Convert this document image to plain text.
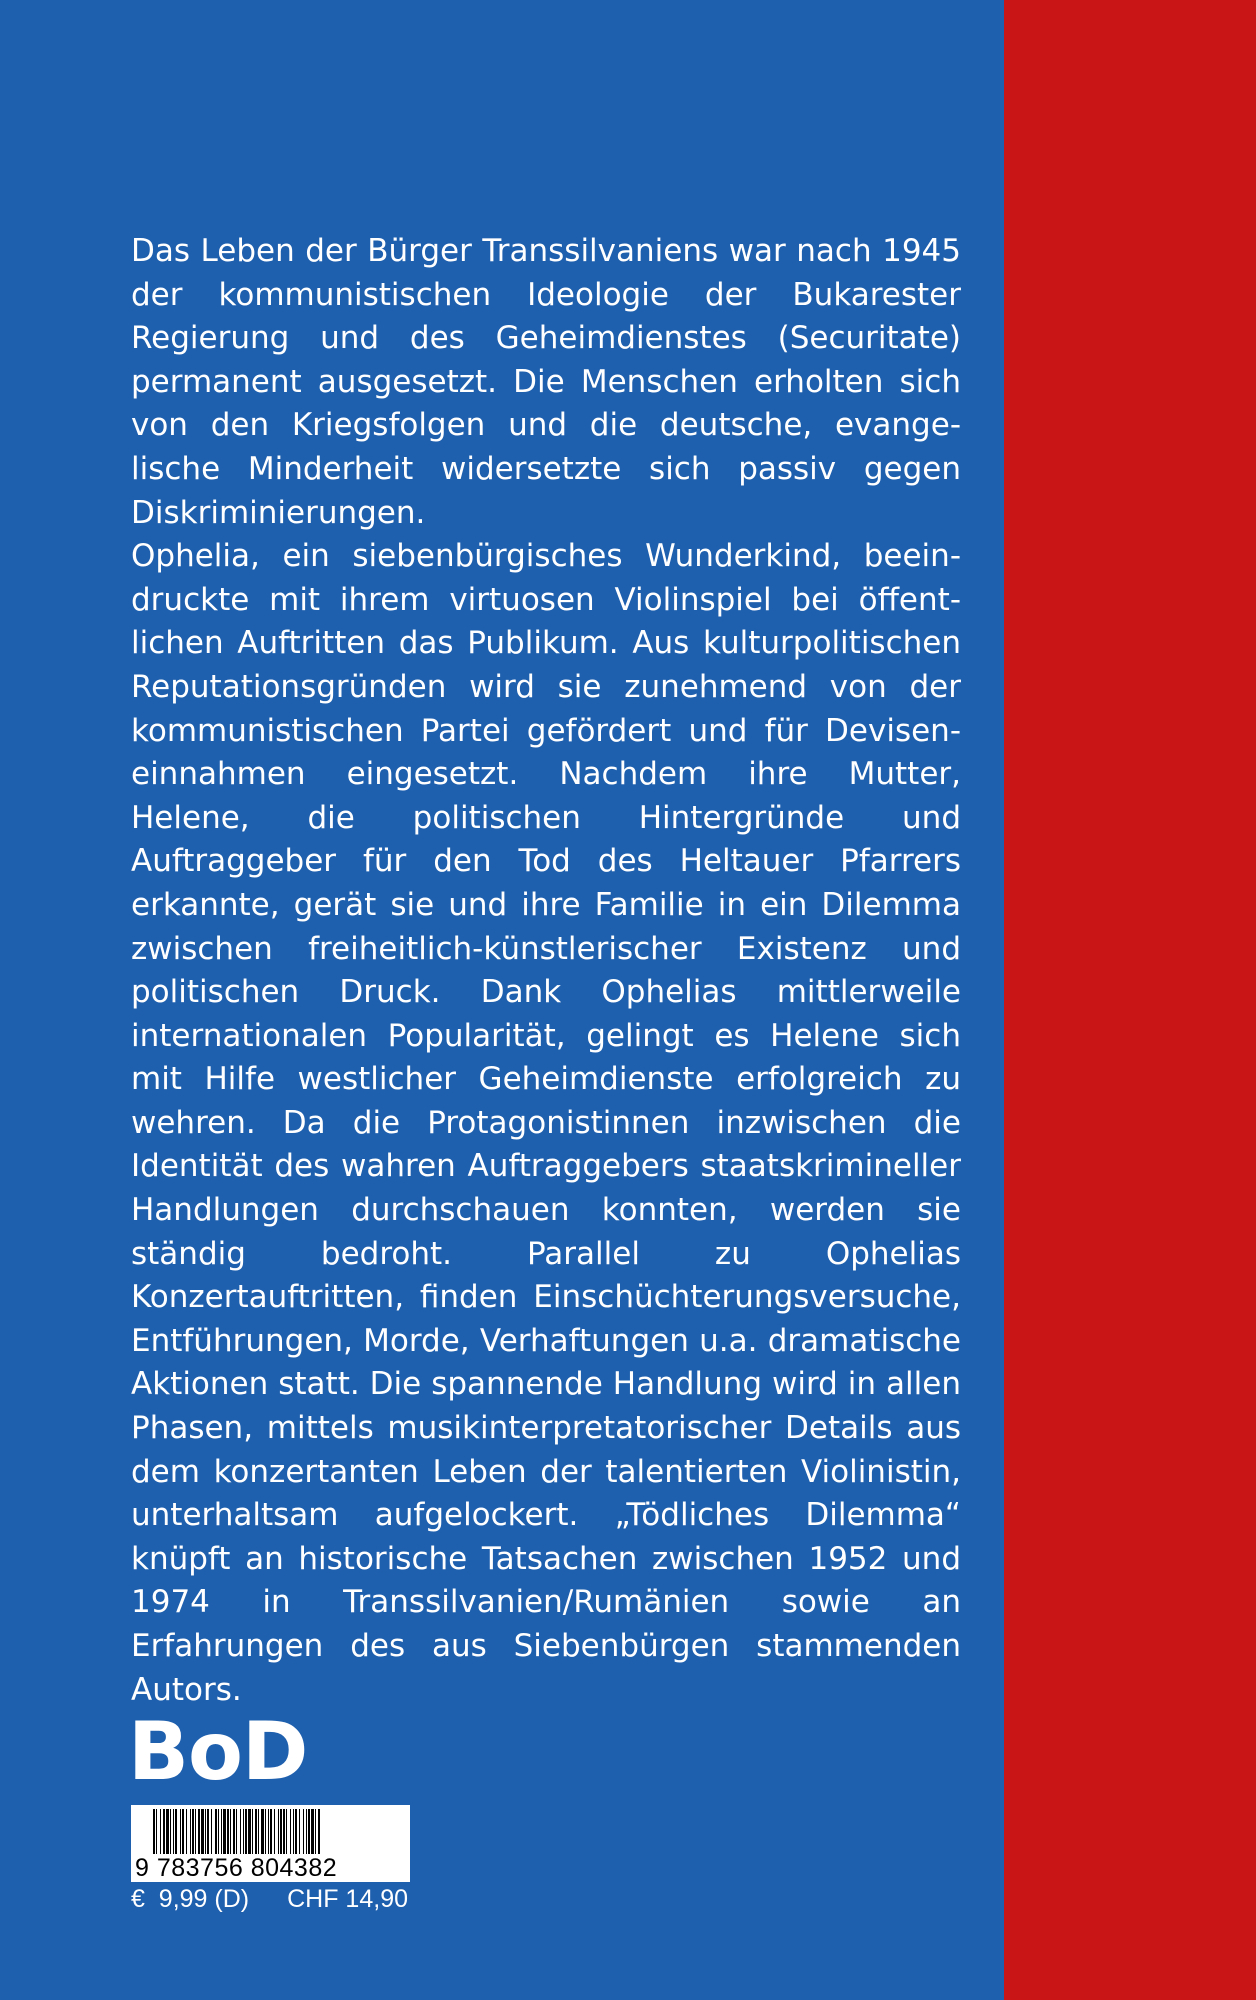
Das Leben der Bürger Transsilvaniens war nach 1945 der kommunistischen Ideologie der Bukarester Regierung und des Geheimdienstes (Securitate) permanent ausgesetzt. Die Menschen erholten sich von den Kriegsfolgen und die deutsche, evangelische Minderheit widersetzte sich passiv gegen Diskriminierungen.

Ophelia, ein siebenbürgisches Wunderkind, beeindruckte mit ihrem virtuosen Violinspiel bei öffentlichen Auftritten das Publikum. Aus kulturpolitischen Reputationsgründen wird sie zunehmend von der kommunistischen Partei gefördert und für Deviseneinnahmen eingesetzt. Nachdem ihre Mutter, Helene, die politischen Hintergründe und Auftraggeber für den Tod des Heltauer Pfarrers erkannte, gerät sie und ihre Familie in ein Dilemma zwischen freiheitlich-künstlerischer Existenz und politischen Druck. Dank Ophelias mittlerweile internationalen Popularität, gelingt es Helene sich mit Hilfe westlicher Geheimdienste erfolgreich zu wehren. Da die Protagonistinnen inzwischen die Identität des wahren Auftraggebers staatskrimineller Handlungen durchschauen konnten, werden sie ständig bedroht. Parallel zu Ophelias Konzertauftritten, finden Einschüchterungsversuche, Entführungen, Morde, Verhaftungen u.a. dramatische Aktionen statt. Die spannende Handlung wird in allen Phasen, mittels musikinterpretatorischer Details aus dem konzertanten Leben der talentierten Violinistin, unterhaltsam aufgelockert. „Tödliches Dilemma“ knüpft an historische Tatsachen zwischen 1952 und 1974 in Transsilvanien/Rumänien sowie an Erfahrungen des aus Siebenbürgen stammenden Autors.

BoD
9 783756 804382
€  9,99 (D) CHF 14,90
